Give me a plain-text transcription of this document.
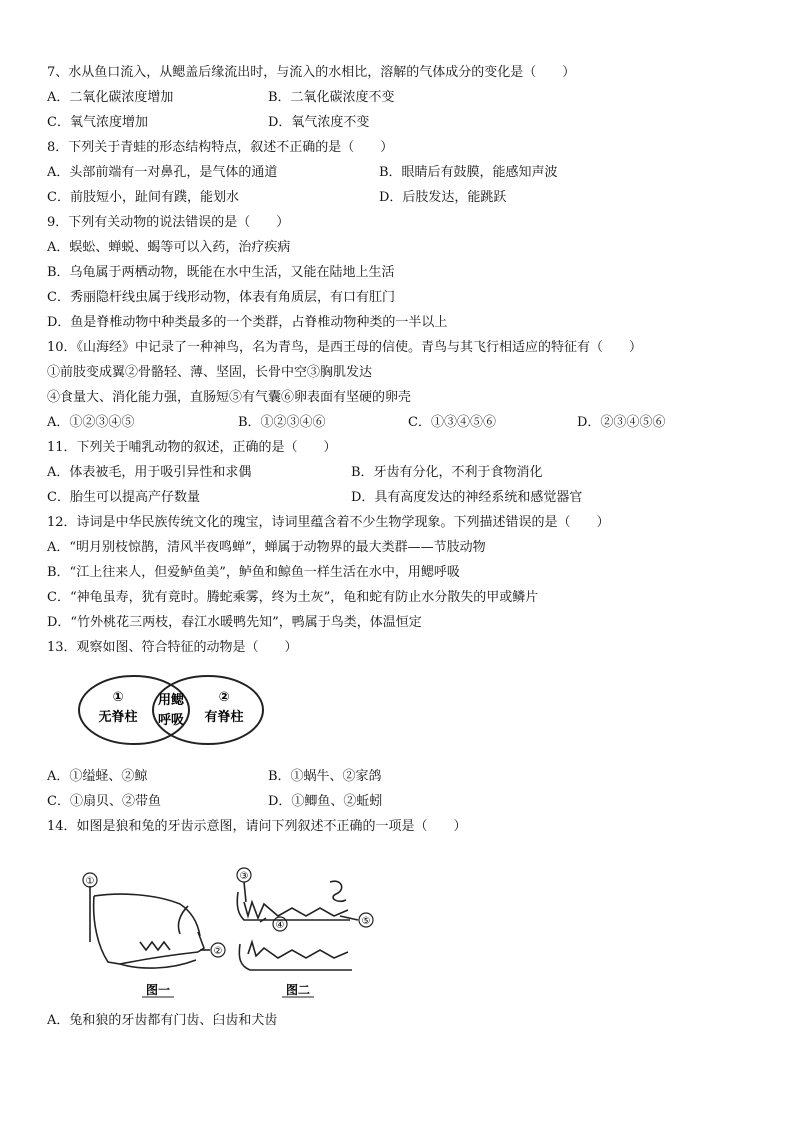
7、水从鱼口流入，从鳃盖后缘流出时，与流入的水相比，溶解的气体成分的变化是（　　）
A．二氧化碳浓度增加	B．二氧化碳浓度不变
C．氧气浓度增加	D．氧气浓度不变
8．下列关于青蛙的形态结构特点，叙述不正确的是（　　）
A．头部前端有一对鼻孔，是气体的通道	B．眼睛后有鼓膜，能感知声波
C．前肢短小，趾间有蹼，能划水	D．后肢发达，能跳跃
9．下列有关动物的说法错误的是（　　）
A．蜈蚣、蝉蜕、蝎等可以入药，治疗疾病
B．乌龟属于两栖动物，既能在水中生活，又能在陆地上生活
C．秀丽隐杆线虫属于线形动物，体表有角质层，有口有肛门
D．鱼是脊椎动物中种类最多的一个类群，占脊椎动物种类的一半以上
10．《山海经》中记录了一种神鸟，名为青鸟，是西王母的信使。青鸟与其飞行相适应的特征有（　　）
①前肢变成翼②骨骼轻、薄、坚固，长骨中空③胸肌发达
④食量大、消化能力强，直肠短⑤有气囊⑥卵表面有坚硬的卵壳
A．①②③④⑤	B．①②③④⑥	C．①③④⑤⑥	D．②③④⑤⑥
11．下列关于哺乳动物的叙述，正确的是（　　）
A．体表被毛，用于吸引异性和求偶	B．牙齿有分化，不利于食物消化
C．胎生可以提高产仔数量	D．具有高度发达的神经系统和感觉器官
12．诗词是中华民族传统文化的瑰宝，诗词里蕴含着不少生物学现象。下列描述错误的是（　　）
A．“明月别枝惊鹊，清风半夜鸣蝉”，蝉属于动物界的最大类群——节肢动物
B．“江上往来人，但爱鲈鱼美”，鲈鱼和鲸鱼一样生活在水中，用鳃呼吸
C．“神龟虽寿，犹有竟时。腾蛇乘雾，终为土灰”，龟和蛇有防止水分散失的甲或鳞片
D．“竹外桃花三两枝，春江水暖鸭先知”，鸭属于鸟类，体温恒定
13．观察如图、符合特征的动物是（　　）
①
无脊柱
用鳃
呼吸
②
有脊柱
A．①缢蛏、②鲸	B．①蜗牛、②家鸽
C．①扇贝、②带鱼	D．①鲫鱼、②蚯蚓
14．如图是狼和兔的牙齿示意图，请问下列叙述不正确的一项是（　　）
①
②
③
④	⑤
图一	图二
A．兔和狼的牙齿都有门齿、臼齿和犬齿
